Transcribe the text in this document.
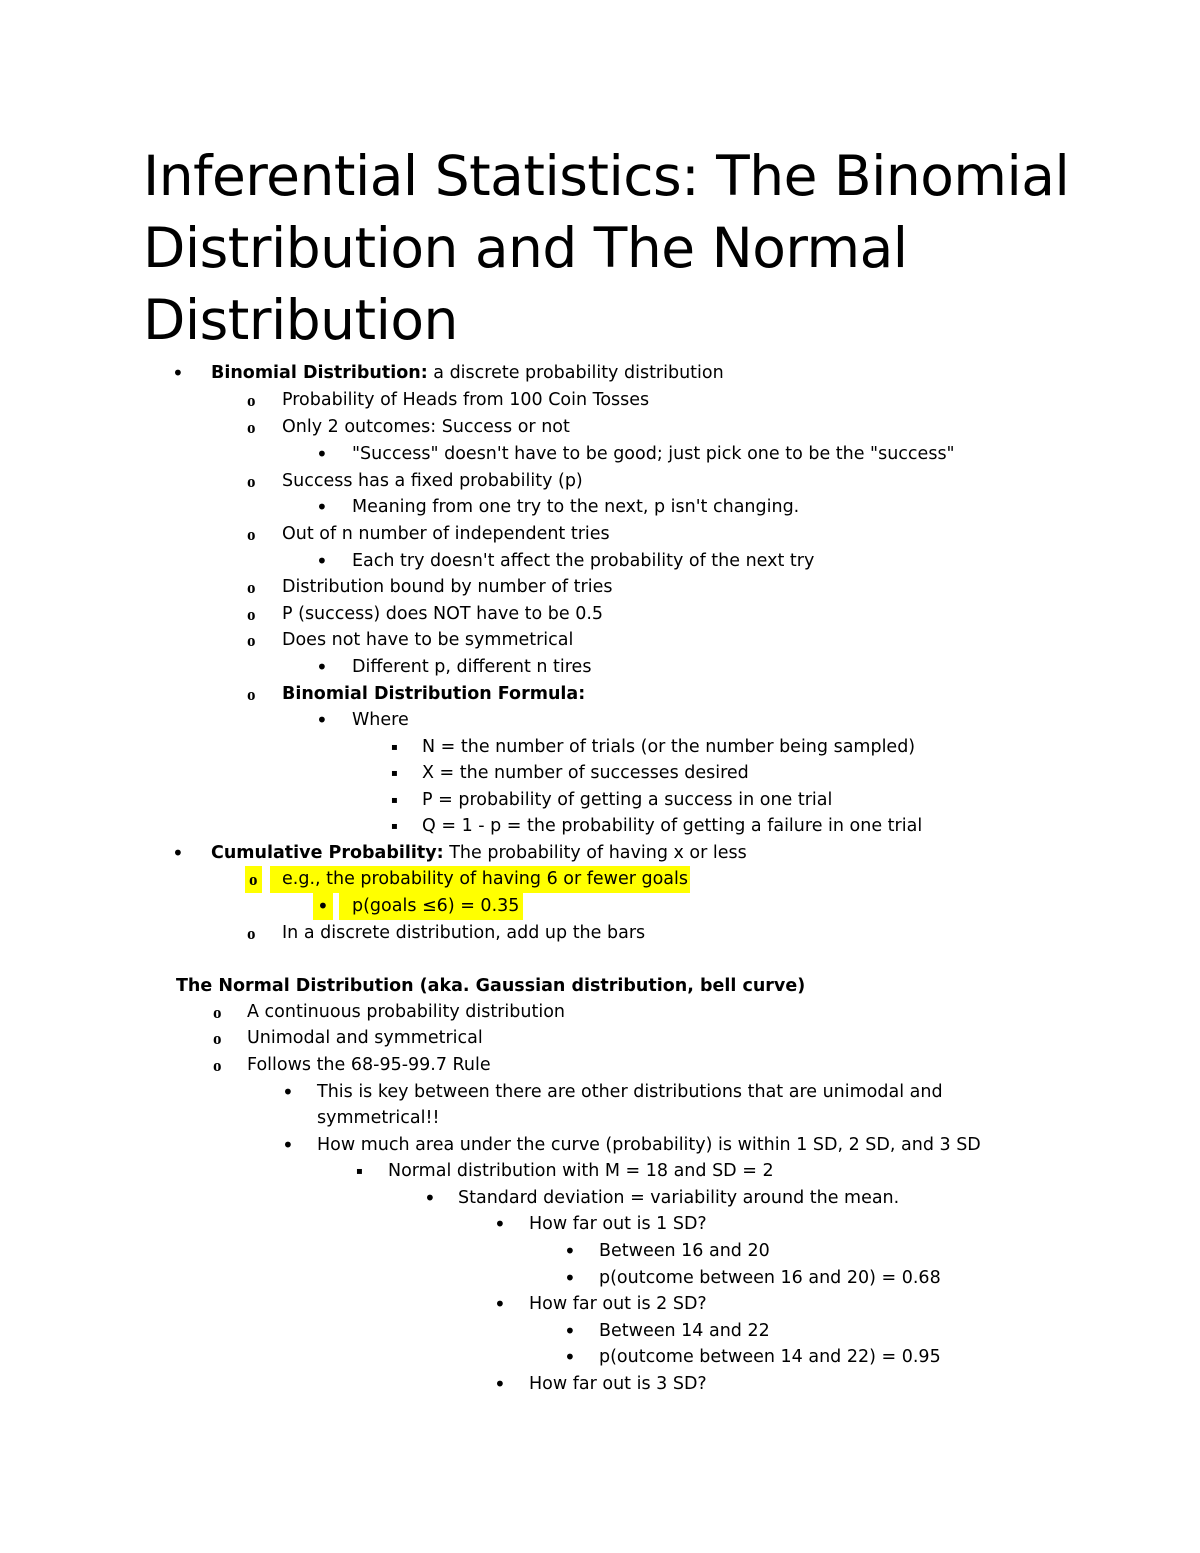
Inferential Statistics: The Binomial Distribution and The Normal Distribution
• Binomial Distribution: a discrete probability distribution
o Probability of Heads from 100 Coin Tosses
o Only 2 outcomes: Success or not
• "Success" doesn't have to be good; just pick one to be the "success"
o Success has a fixed probability (p)
• Meaning from one try to the next, p isn't changing.
o Out of n number of independent tries
• Each try doesn't affect the probability of the next try
o Distribution bound by number of tries
o P (success) does NOT have to be 0.5
o Does not have to be symmetrical
• Different p, different n tires
o Binomial Distribution Formula:
• Where
▪ N = the number of trials (or the number being sampled)
▪ X = the number of successes desired
▪ P = probability of getting a success in one trial
▪ Q = 1 - p = the probability of getting a failure in one trial
• Cumulative Probability: The probability of having x or less
o	e.g., the probability of having 6 or fewer goals
•	p(goals ≤6) = 0.35
o In a discrete distribution, add up the bars
The Normal Distribution (aka. Gaussian distribution, bell curve)
o A continuous probability distribution
o Unimodal and symmetrical
o Follows the 68-95-99.7 Rule
• This is key between there are other distributions that are unimodal and
symmetrical!!
• How much area under the curve (probability) is within 1 SD, 2 SD, and 3 SD
▪ Normal distribution with M = 18 and SD = 2
• Standard deviation = variability around the mean.
• How far out is 1 SD?
• Between 16 and 20
• p(outcome between 16 and 20) = 0.68
• How far out is 2 SD?
• Between 14 and 22
• p(outcome between 14 and 22) = 0.95
• How far out is 3 SD?
